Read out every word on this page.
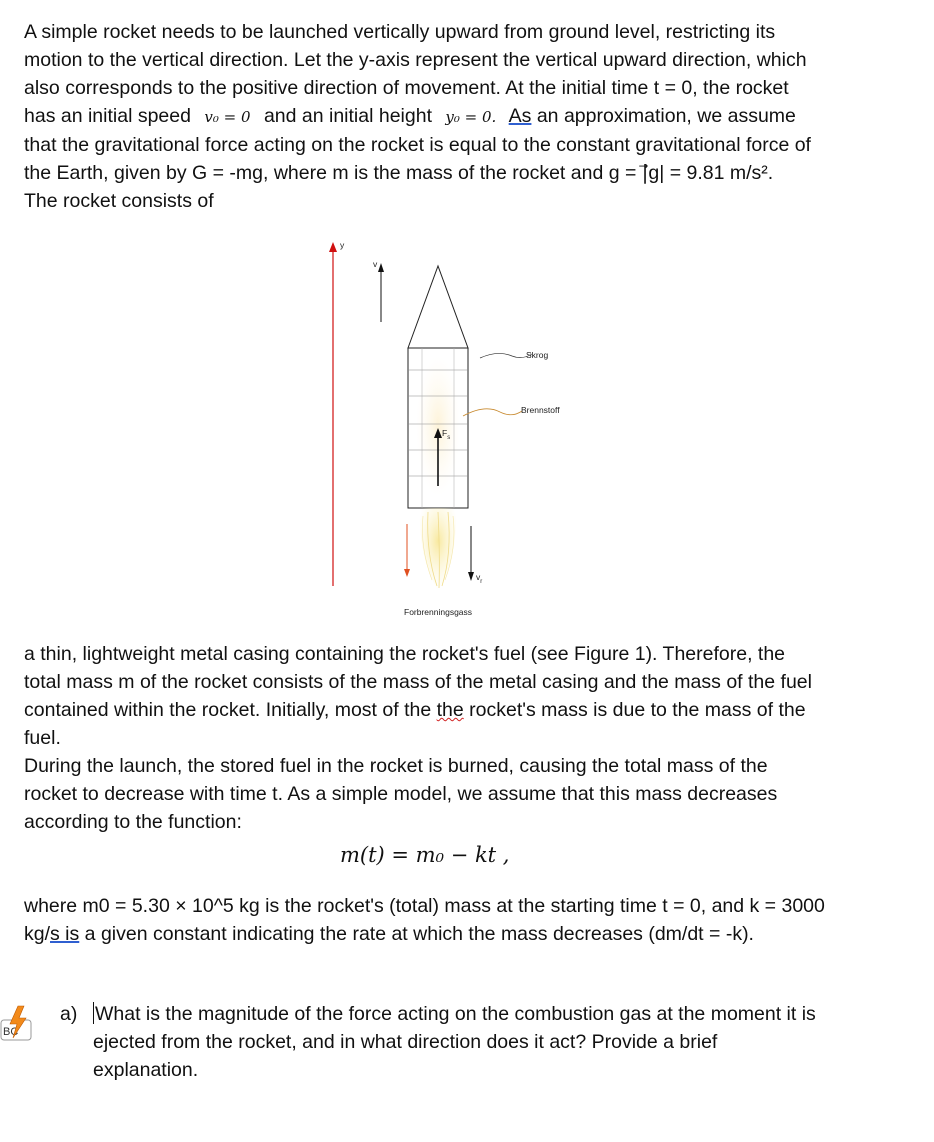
A simple rocket needs to be launched vertically upward from ground level, restricting its
motion to the vertical direction. Let the y-axis represent the vertical upward direction, which
also corresponds to the positive direction of movement. At the initial time t = 0, the rocket
has an initial speed v₀ = 0 and an initial height y₀ = 0. As an approximation, we assume
that the gravitational force acting on the rocket is equal to the constant gravitational force of
the Earth, given by G = -mg, where m is the mass of the rocket and g = |⃗g| = 9.81 m/s².
The rocket consists of
y
v
$F_s$
Skrog
Brennstoff
$v_r$
Forbrenningsgass
a thin, lightweight metal casing containing the rocket's fuel (see Figure 1). Therefore, the
total mass m of the rocket consists of the mass of the metal casing and the mass of the fuel
contained within the rocket. Initially, most of the the rocket's mass is due to the mass of the
fuel.
During the launch, the stored fuel in the rocket is burned, causing the total mass of the
rocket to decrease with time t. As a simple model, we assume that this mass decreases
according to the function:
m(t) = m₀ − kt ,
where m0 = 5.30 × 10^5 kg is the rocket's (total) mass at the starting time t = 0, and k = 3000
kg/s is a given constant indicating the rate at which the mass decreases (dm/dt = -k).
BC
a) What is the magnitude of the force acting on the combustion gas at the moment it is
ejected from the rocket, and in what direction does it act? Provide a brief
explanation.
